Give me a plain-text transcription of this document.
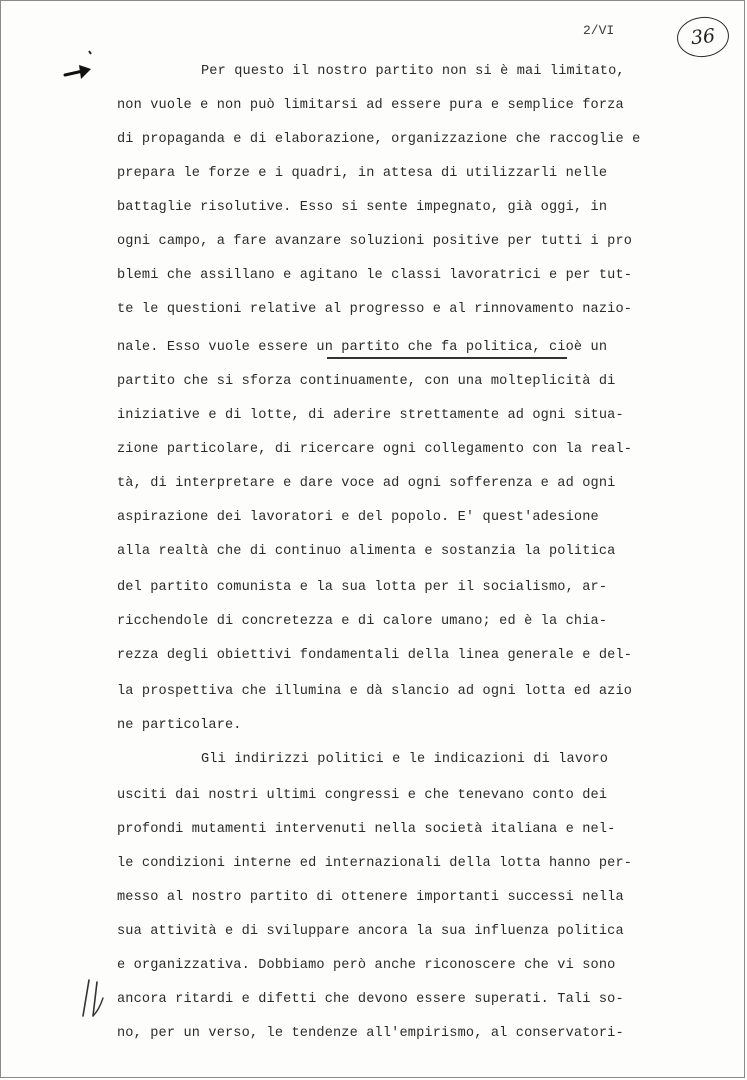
2/VI	36
Per questo il nostro partito non si è mai limitato,
non vuole e non può limitarsi ad essere pura e semplice forza
di propaganda e di elaborazione, organizzazione che raccoglie e
prepara le forze e i quadri, in attesa di utilizzarli nelle
battaglie risolutive. Esso si sente impegnato, già oggi, in
ogni campo, a fare avanzare soluzioni positive per tutti i pro
blemi che assillano e agitano le classi lavoratrici e per tut-
te le questioni relative al progresso e al rinnovamento nazio-
nale. Esso vuole essere un partito che fa politica, cioè un
partito che si sforza continuamente, con una molteplicità di
iniziative e di lotte, di aderire strettamente ad ogni situa-
zione particolare, di ricercare ogni collegamento con la real-
tà, di interpretare e dare voce ad ogni sofferenza e ad ogni
aspirazione dei lavoratori e del popolo. E' quest'adesione
alla realtà che di continuo alimenta e sostanzia la politica
del partito comunista e la sua lotta per il socialismo, ar-
ricchendole di concretezza e di calore umano; ed è la chia-
rezza degli obiettivi fondamentali della linea generale e del-
la prospettiva che illumina e dà slancio ad ogni lotta ed azio
ne particolare.
Gli indirizzi politici e le indicazioni di lavoro
usciti dai nostri ultimi congressi e che tenevano conto dei
profondi mutamenti intervenuti nella società italiana e nel-
le condizioni interne ed internazionali della lotta hanno per-
messo al nostro partito di ottenere importanti successi nella
sua attività e di sviluppare ancora la sua influenza politica
e organizzativa. Dobbiamo però anche riconoscere che vi sono
ancora ritardi e difetti che devono essere superati. Tali so-
no, per un verso, le tendenze all'empirismo, al conservatori-
